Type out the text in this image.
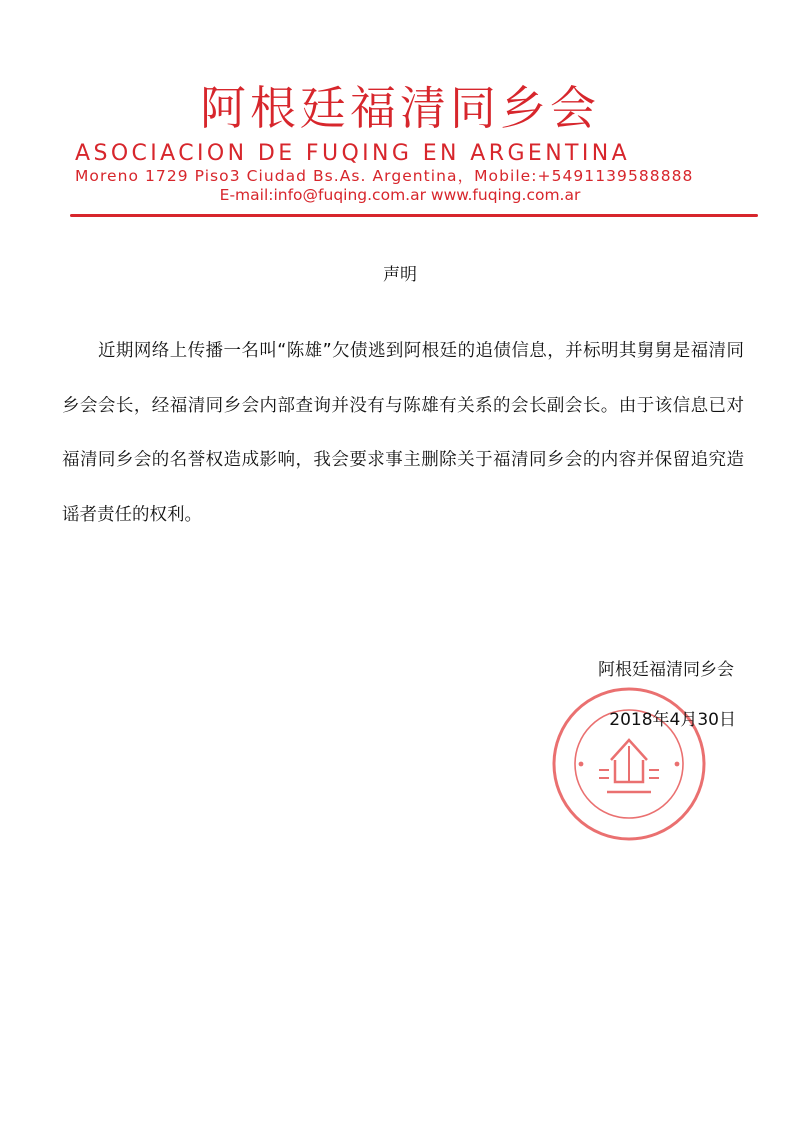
阿根廷福清同乡会
ASOCIACION DE FUQING EN ARGENTINA
Moreno 1729 Piso3 Ciudad Bs.As. Argentina，Mobile:+5491139588888
E-mail:info@fuqing.com.ar www.fuqing.com.ar
声明

近期网络上传播一名叫“陈雄”欠债逃到阿根廷的追债信息，并标明其舅舅是福清同乡会会长，经福清同乡会内部查询并没有与陈雄有关系的会长副会长。由于该信息已对福清同乡会的名誉权造成影响，我会要求事主删除关于福清同乡会的内容并保留追究造谣者责任的权利。

阿根廷福清同乡会
2018年4月30日
